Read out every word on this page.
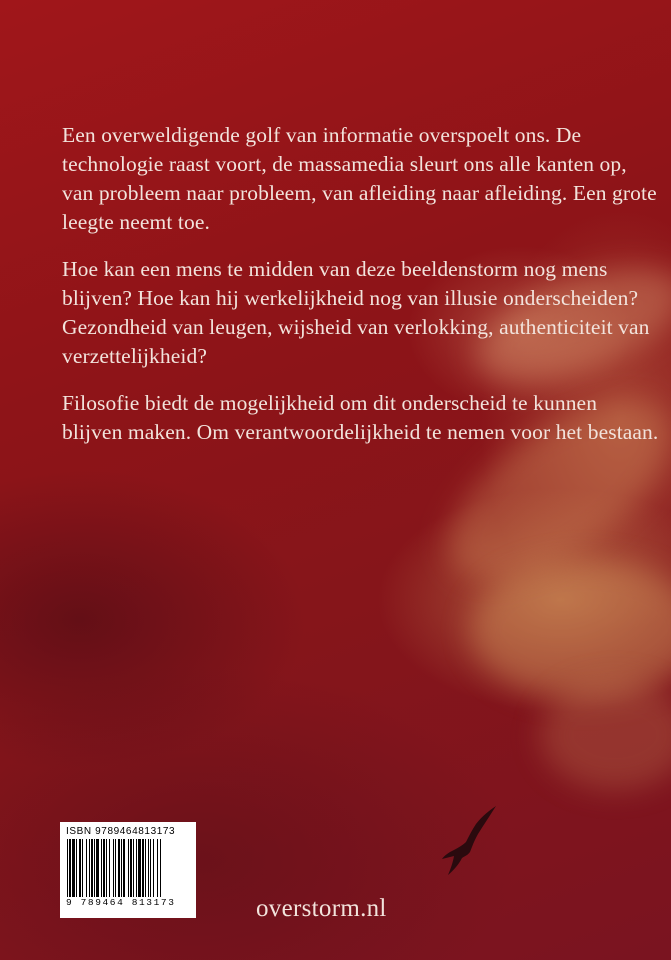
Een overweldigende golf van informatie overspoelt ons. De technologie raast voort, de massamedia sleurt ons alle kanten op, van probleem naar probleem, van afleiding naar afleiding. Een grote leegte neemt toe.

Hoe kan een mens te midden van deze beeldenstorm nog mens blijven? Hoe kan hij werkelijkheid nog van illusie onderscheiden? Gezondheid van leugen, wijsheid van verlokking, authenticiteit van verzettelijkheid?

Filosofie biedt de mogelijkheid om dit onderscheid te kunnen blijven maken. Om verantwoordelijkheid te nemen voor het bestaan.

ISBN 9789464813173
9 789464 813173	overstorm.nl
